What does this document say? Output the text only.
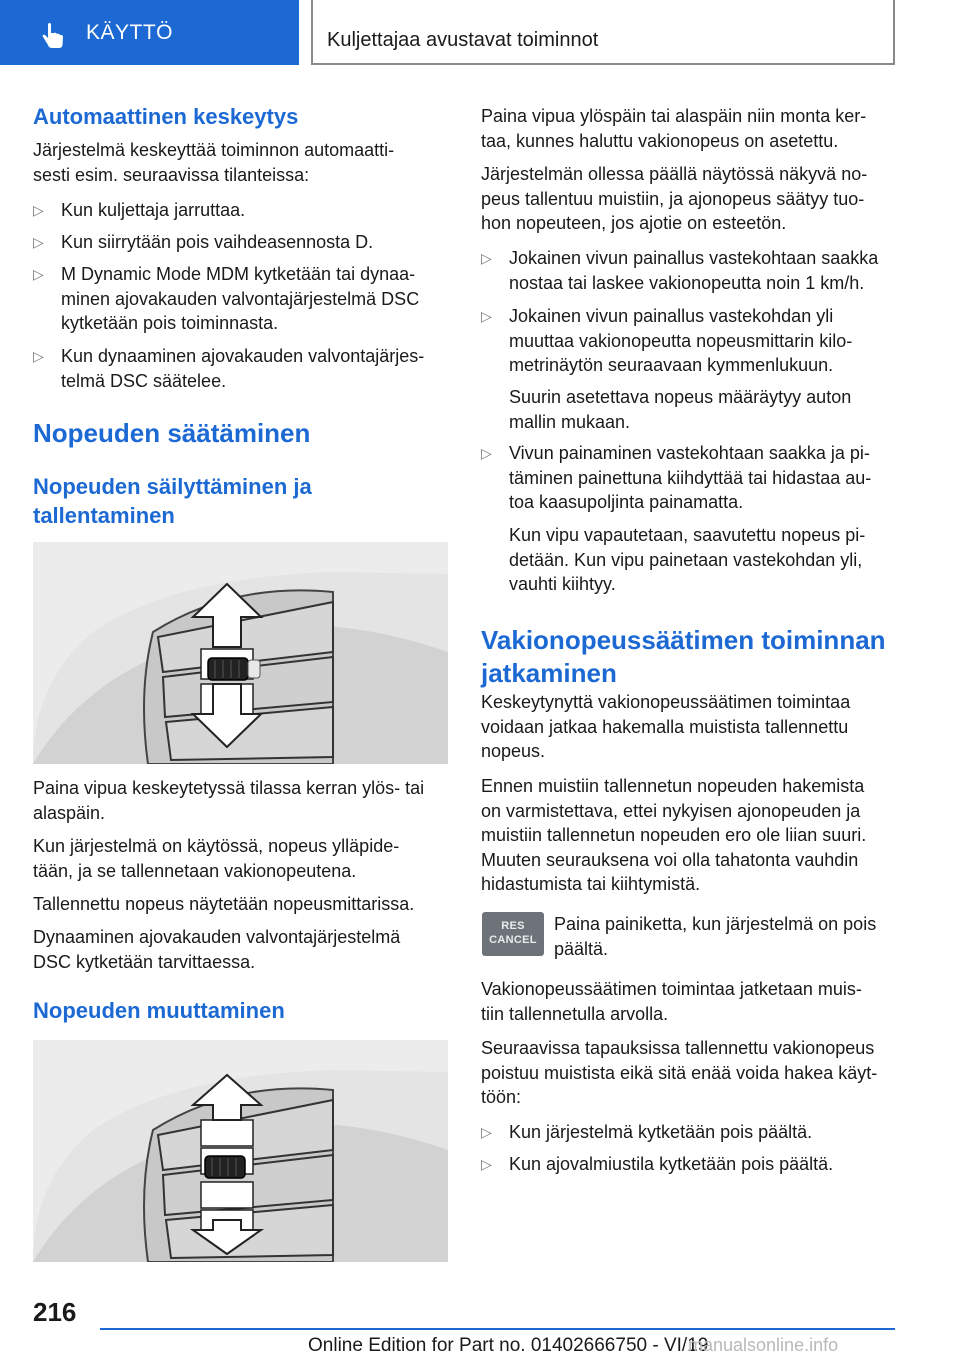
KÄYTTÖ	Kuljettajaa avustavat toiminnot
Automaattinen keskeytys
Järjestelmä keskeyttää toiminnon automaatti-
sesti esim. seuraavissa tilanteissa:
▷ Kun kuljettaja jarruttaa.
▷ Kun siirrytään pois vaihdeasennosta D.
▷ M Dynamic Mode MDM kytketään tai dynaa-
minen ajovakauden valvontajärjestelmä DSC
kytketään pois toiminnasta.
▷ Kun dynaaminen ajovakauden valvontajärjes-
telmä DSC säätelee.
Nopeuden säätäminen
Nopeuden säilyttäminen ja
tallentaminen
Paina vipua keskeytetyssä tilassa kerran ylös- tai
alaspäin.
Kun järjestelmä on käytössä, nopeus ylläpide-
tään, ja se tallennetaan vakionopeutena.
Tallennettu nopeus näytetään nopeusmittarissa.
Dynaaminen ajovakauden valvontajärjestelmä
DSC kytketään tarvittaessa.
Nopeuden muuttaminen
Paina vipua ylöspäin tai alaspäin niin monta ker-
taa, kunnes haluttu vakionopeus on asetettu.
Järjestelmän ollessa päällä näytössä näkyvä no-
peus tallentuu muistiin, ja ajonopeus säätyy tuo-
hon nopeuteen, jos ajotie on esteetön.
▷ Jokainen vivun painallus vastekohtaan saakka
nostaa tai laskee vakionopeutta noin 1 km/h.
▷ Jokainen vivun painallus vastekohdan yli
muuttaa vakionopeutta nopeusmittarin kilo-
metrinäytön seuraavaan kymmenlukuun.
Suurin asetettava nopeus määräytyy auton
mallin mukaan.
▷ Vivun painaminen vastekohtaan saakka ja pi-
täminen painettuna kiihdyttää tai hidastaa au-
toa kaasupoljinta painamatta.
Kun vipu vapautetaan, saavutettu nopeus pi-
detään. Kun vipu painetaan vastekohdan yli,
vauhti kiihtyy.
Vakionopeussäätimen toiminnan
jatkaminen
Keskeytynyttä vakionopeussäätimen toimintaa
voidaan jatkaa hakemalla muistista tallennettu
nopeus.
Ennen muistiin tallennetun nopeuden hakemista
on varmistettava, ettei nykyisen ajonopeuden ja
muistiin tallennetun nopeuden ero ole liian suuri.
Muuten seurauksena voi olla tahatonta vauhdin
hidastumista tai kiihtymistä.
Paina painiketta, kun järjestelmä on pois
päältä.
Vakionopeussäätimen toimintaa jatketaan muis-
tiin tallennetulla arvolla.
Seuraavissa tapauksissa tallennettu vakionopeus
poistuu muistista eikä sitä enää voida hakea käyt-
töön:
▷ Kun järjestelmä kytketään pois päältä.
▷ Kun ajovalmiustila kytketään pois päältä.
RES
CANCEL
216
Online Edition for Part no. 01402666750 - VI/19
manualsonline.info
